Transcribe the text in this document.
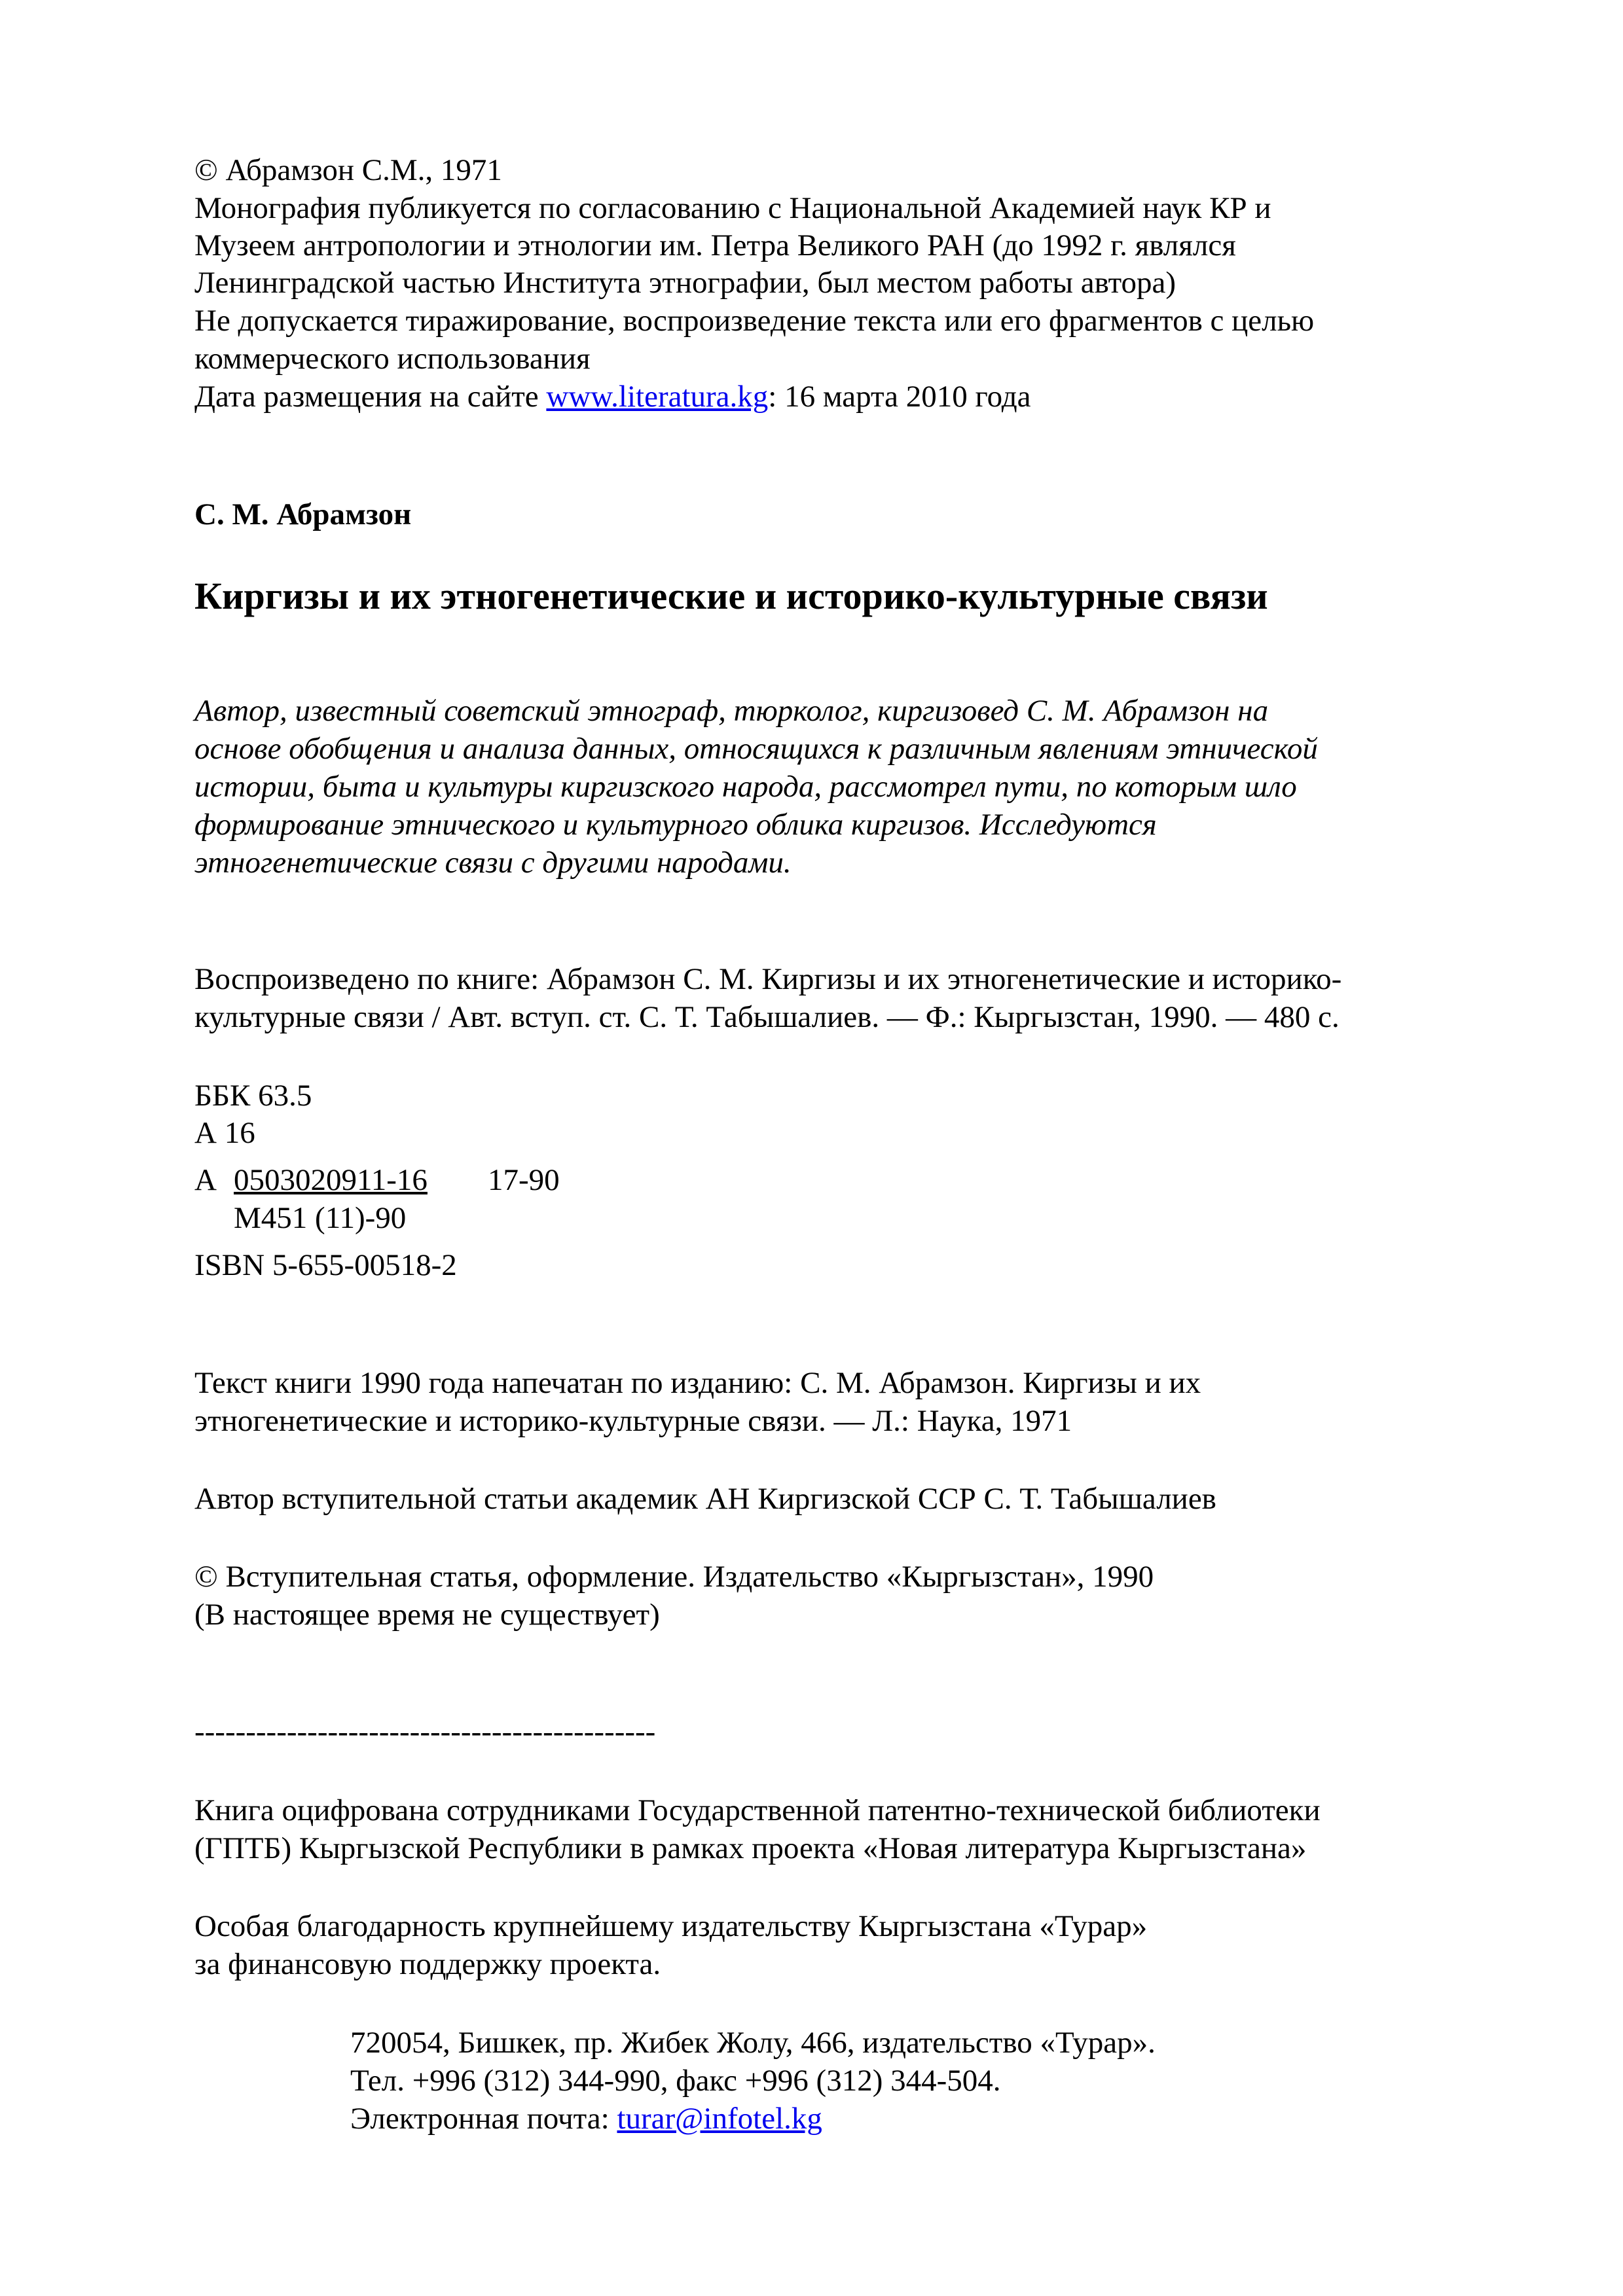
© Абрамзон С.М., 1971
Монография публикуется по согласованию с Национальной Академией наук КР и
Музеем антропологии и этнологии им. Петра Великого РАН (до 1992 г. являлся
Ленинградской частью Института этнографии, был местом работы автора)
Не допускается тиражирование, воспроизведение текста или его фрагментов с целью
коммерческого использования
Дата размещения на сайте www.literatura.kg: 16 марта 2010 года
С. М. Абрамзон
Киргизы и их этногенетические и историко-культурные связи
Автор, известный советский этнограф, тюрколог, киргизовед С. М. Абрамзон на
основе обобщения и анализа данных, относящихся к различным явлениям этнической
истории, быта и культуры киргизского народа, рассмотрел пути, по которым шло
формирование этнического и культурного облика киргизов. Исследуются
этногенетические связи с другими народами.
Воспроизведено по книге: Абрамзон С. М. Киргизы и их этногенетические и историко-
культурные связи / Авт. вступ. ст. С. Т. Табышалиев. — Ф.: Кыргызстан, 1990. — 480 с.
ББК 63.5
А 16
А 0503020911-16 17-90
М451 (11)-90
ISBN 5-655-00518-2
Текст книги 1990 года напечатан по изданию: С. М. Абрамзон. Киргизы и их
этногенетические и историко-культурные связи. — Л.: Наука, 1971
Автор вступительной статьи академик АН Киргизской ССР С. Т. Табышалиев
© Вступительная статья, оформление. Издательство «Кыргызстан», 1990
(В настоящее время не существует)
---------------------------------------------
Книга оцифрована сотрудниками Государственной патентно-технической библиотеки
(ГПТБ) Кыргызской Республики в рамках проекта «Новая литература Кыргызстана»
Особая благодарность крупнейшему издательству Кыргызстана «Турар»
за финансовую поддержку проекта.
720054, Бишкек, пр. Жибек Жолу, 466, издательство «Турар».
Тел. +996 (312) 344-990, факс +996 (312) 344-504.
Электронная почта: turar@infotel.kg
